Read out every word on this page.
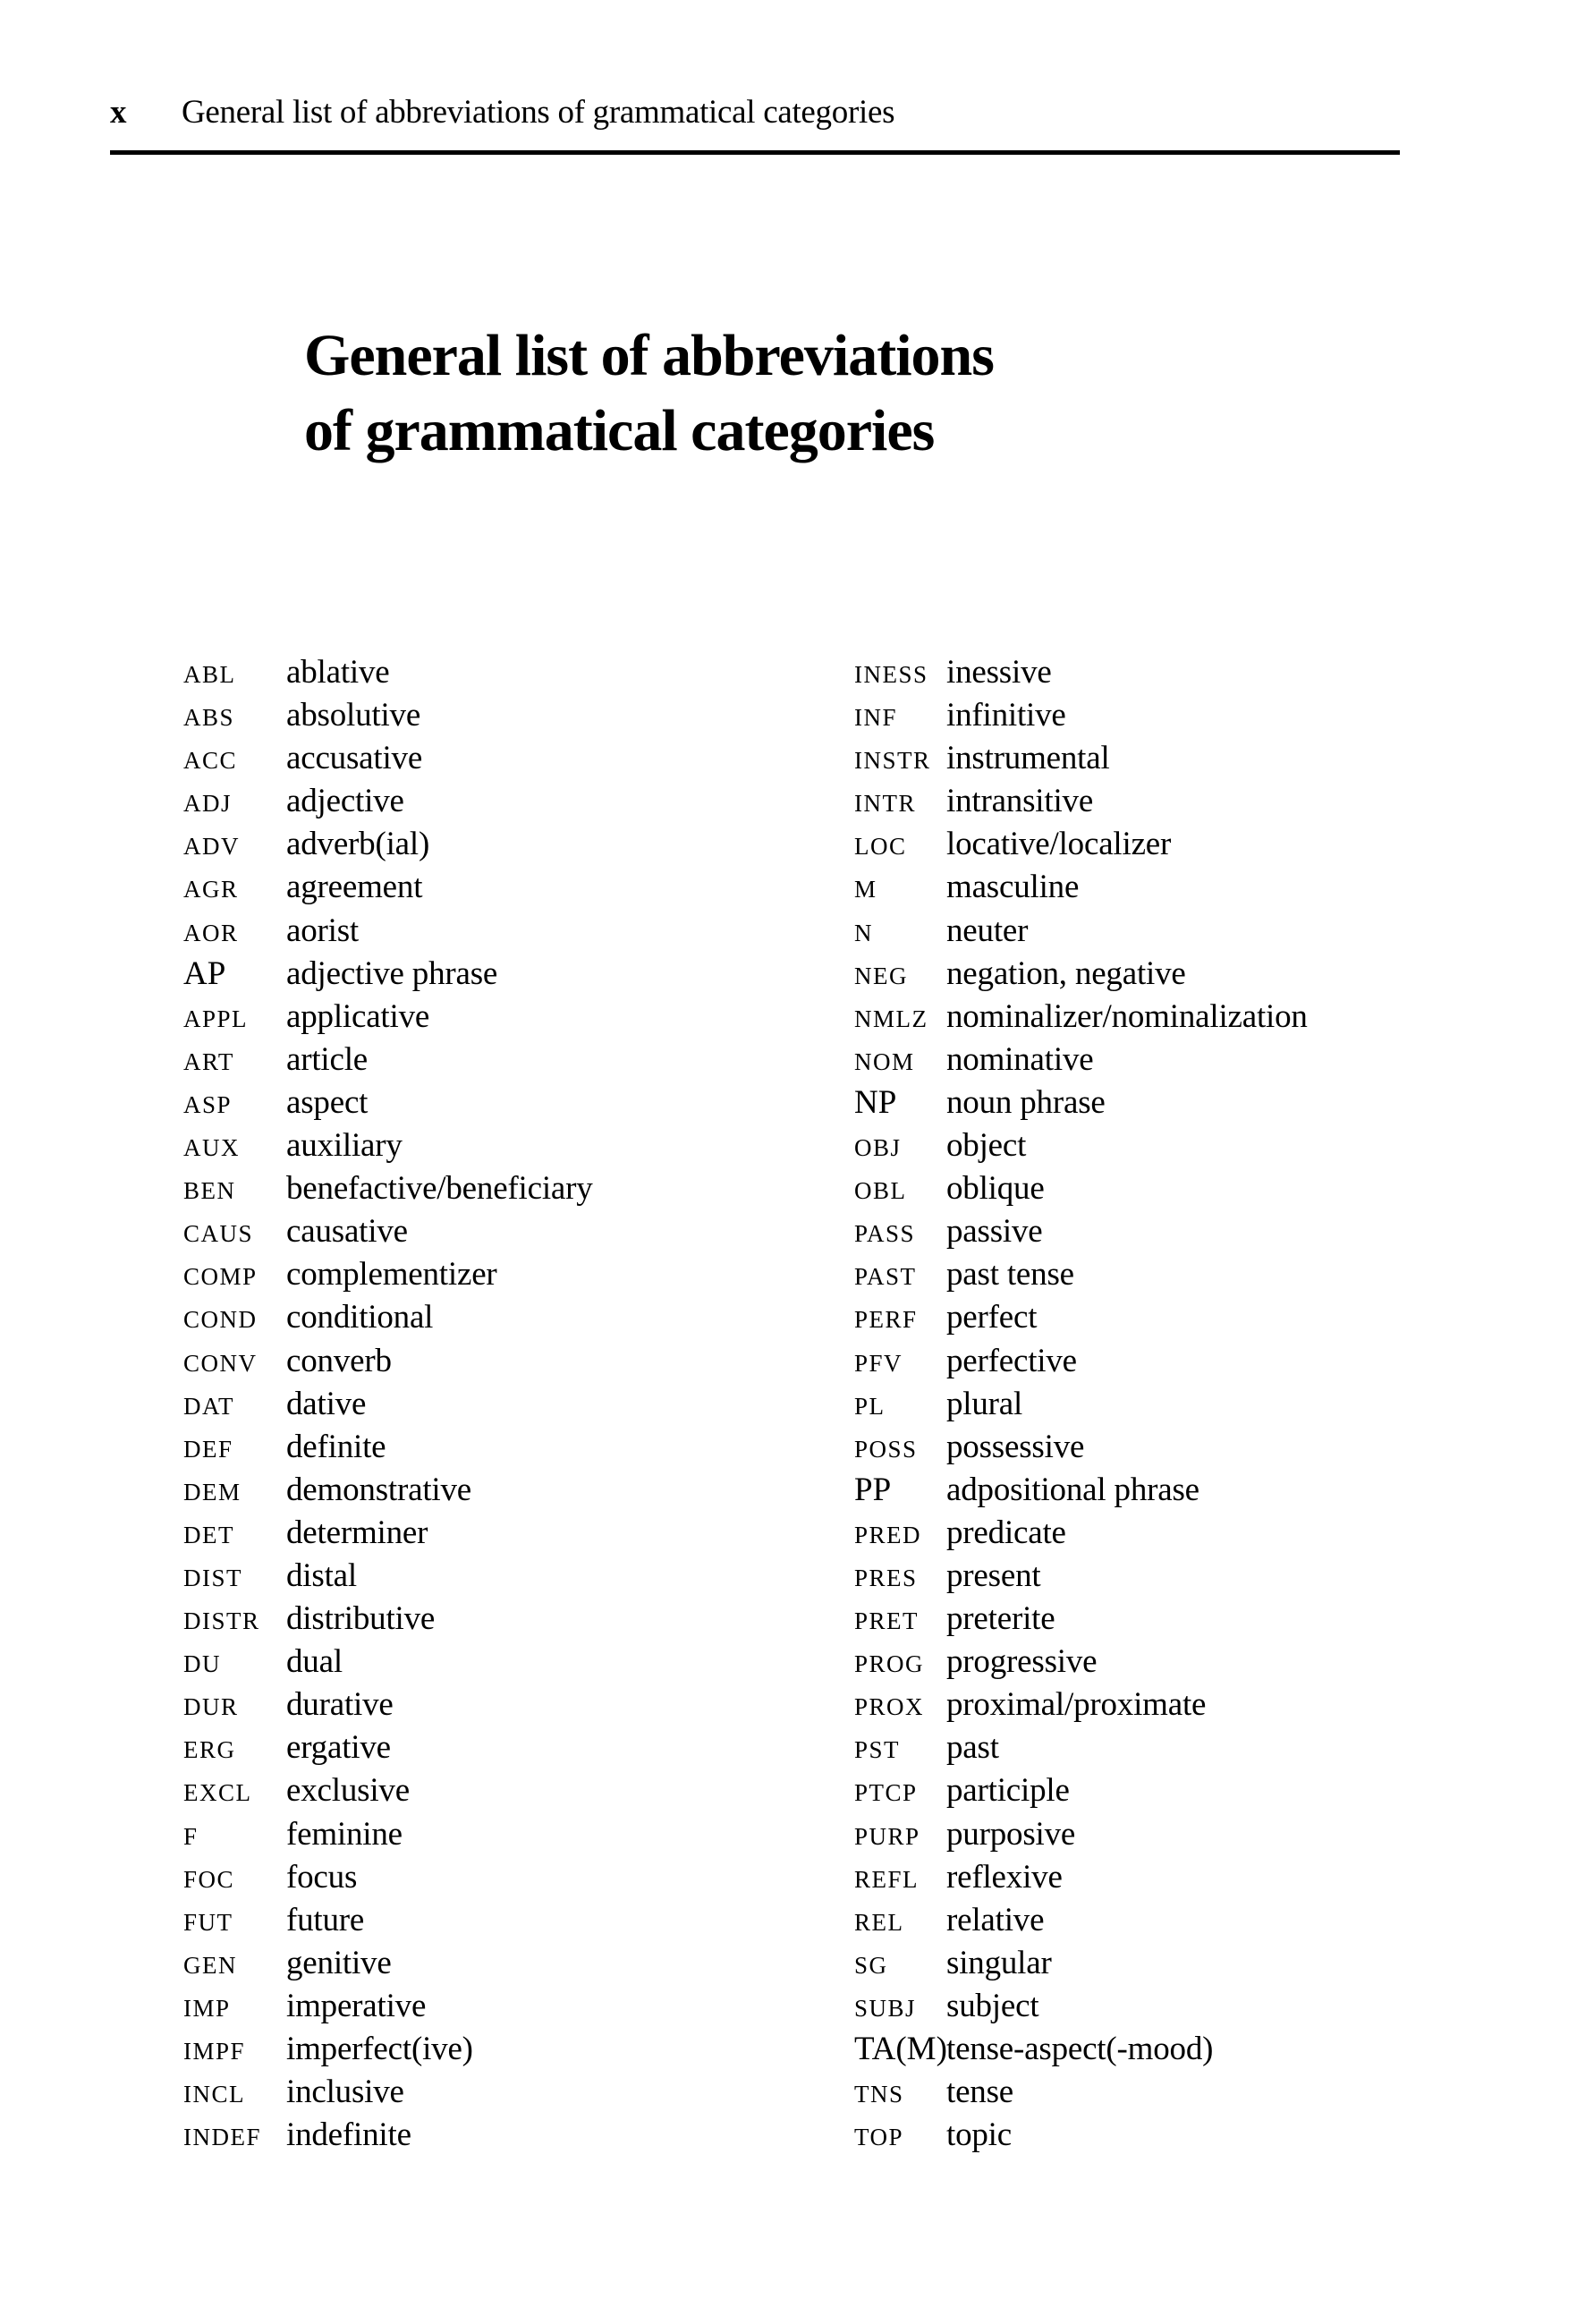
x General list of abbreviations of grammatical categories
General list of abbreviations
of grammatical categories
ABL	ablative
ABS	absolutive
ACC	accusative
ADJ	adjective
ADV	adverb(ial)
AGR	agreement
AOR	aorist
AP	adjective phrase
APPL	applicative
ART	article
ASP	aspect
AUX	auxiliary
BEN	benefactive/beneficiary
CAUS causative
COMP complementizer
COND conditional
CONV converb
DAT	dative
DEF	definite
DEM	demonstrative
DET	determiner
DIST	distal
DISTR distributive
DU	dual
DUR	durative
ERG	ergative
EXCL	exclusive
F	feminine
FOC	focus
FUT	future
GEN	genitive
IMP	imperative
IMPF	imperfect(ive)
INCL	inclusive
INDEF indefinite
INESS inessive
INF	infinitive
INSTR instrumental
INTR intransitive
LOC	locative/localizer
M	masculine
N	neuter
NEG	negation, negative
NMLZ nominalizer/nominalization
NOM nominative
NP	noun phrase
OBJ	object
OBL	oblique
PASS passive
PAST past tense
PERF perfect
PFV	perfective
PL	plural
POSS possessive
PP	adpositional phrase
PRED predicate
PRES present
PRET preterite
PROG progressive
PROX proximal/proximate
PST	past
PTCP participle
PURP purposive
REFL reflexive
REL	relative
SG	singular
SUBJ subject
TA(M) tense-aspect(-mood)
TNS	tense
TOP	topic
